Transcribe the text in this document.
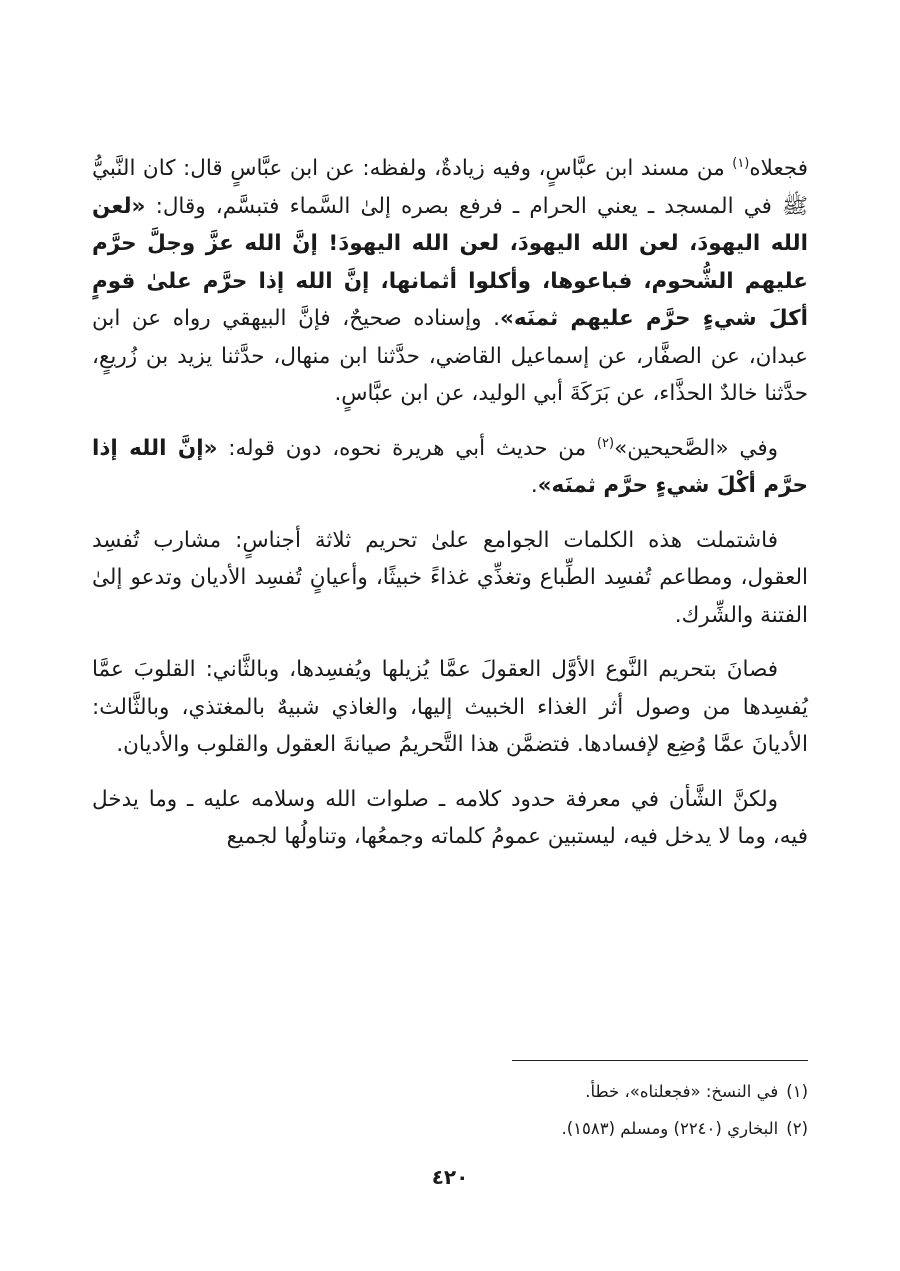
فجعلاه$^{(١)}$ من مسند ابن عبَّاسٍ، وفيه زيادةٌ، ولفظه: عن ابن عبَّاسٍ قال: كان النَّبيُّ ﷺ في المسجد ـ يعني الحرام ـ فرفع بصره إلىٰ السَّماء فتبسَّم، وقال: «لعن الله اليهودَ، لعن الله اليهودَ، لعن الله اليهودَ! إنَّ الله عزَّ وجلَّ حرَّم عليهم الشُّحوم، فباعوها، وأكلوا أثمانها، إنَّ الله إذا حرَّم علىٰ قومٍ أكلَ شيءٍ حرَّم عليهم ثمنَه». وإسناده صحيحٌ، فإنَّ البيهقي رواه عن ابن عبدان، عن الصفَّار، عن إسماعيل القاضي، حدَّثنا ابن منهال، حدَّثنا يزيد بن زُريعٍ، حدَّثنا خالدٌ الحذَّاء، عن بَرَكَةَ أبي الوليد، عن ابن عبَّاسٍ.

وفي «الصَّحيحين»$^{(٢)}$ من حديث أبي هريرة نحوه، دون قوله: «إنَّ الله إذا حرَّم أكْلَ شيءٍ حرَّم ثمنَه».

فاشتملت هذه الكلمات الجوامع علىٰ تحريم ثلاثة أجناسٍ: مشارب تُفسِد العقول، ومطاعم تُفسِد الطِّباع وتغذِّي غذاءً خبيثًا، وأعيانٍ تُفسِد الأديان وتدعو إلىٰ الفتنة والشِّرك.

فصانَ بتحريم النَّوع الأوَّل العقولَ عمَّا يُزيلها ويُفسِدها، وبالثَّاني: القلوبَ عمَّا يُفسِدها من وصول أثر الغذاء الخبيث إليها، والغاذي شبيهٌ بالمغتذي، وبالثَّالث: الأديانَ عمَّا وُضِع لإفسادها. فتضمَّن هذا التَّحريمُ صيانةَ العقول والقلوب والأديان.

ولكنَّ الشَّأن في معرفة حدود كلامه ـ صلوات الله وسلامه عليه ـ وما يدخل فيه، وما لا يدخل فيه، ليستبين عمومُ كلماته وجمعُها، وتناولُها لجميع

(١)في النسخ: «فجعلناه»، خطأ.
(٢)البخاري (٢٢٤٠) ومسلم (١٥٨٣).
٤٢٠
